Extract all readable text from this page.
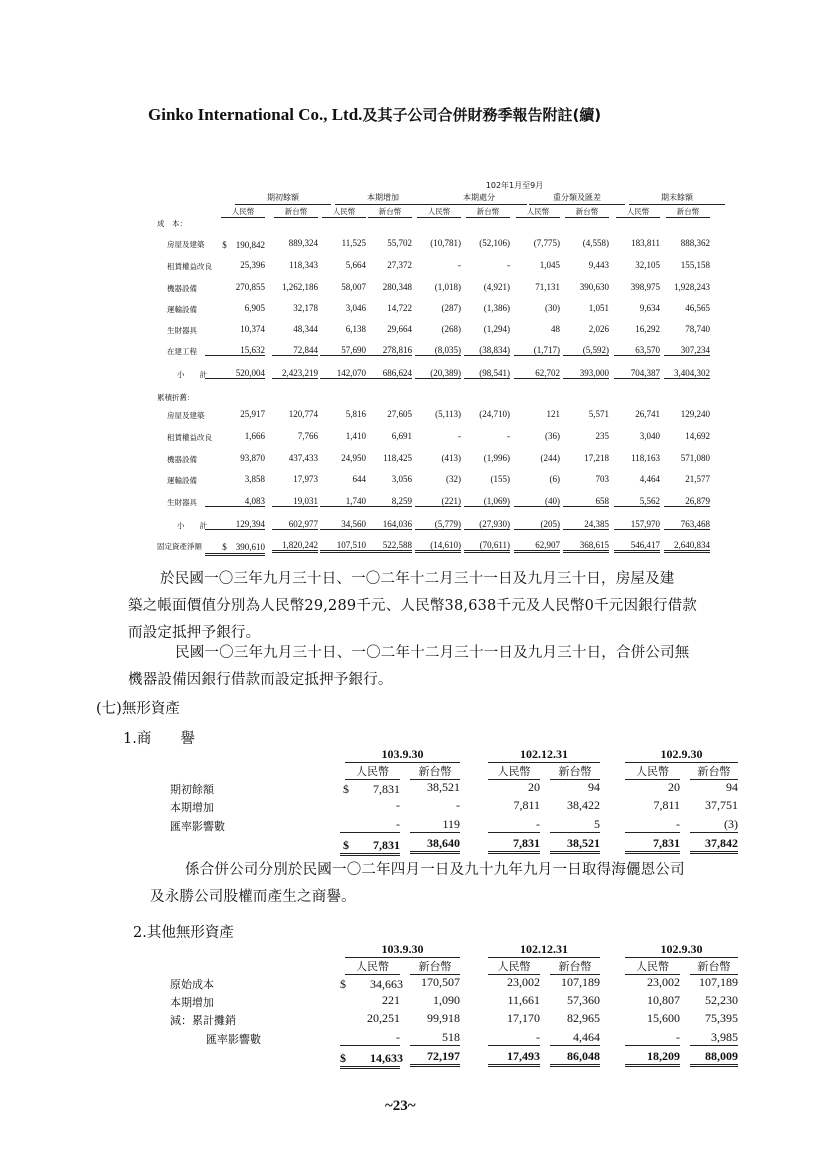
Ginko International Co., Ltd.及其子公司合併財務季報告附註(續)
102年1月至9月
期初餘額	本期增加	本期處分	重分類及匯差	期末餘額
人民幣	新台幣	人民幣	新台幣	人民幣	新台幣	人民幣	新台幣	人民幣	新台幣
成　本：
累積折舊：
房屋及建築	$　190,842	889,324	11,525	55,702	(10,781)	(52,106)	(7,775)	(4,558)	183,811	888,362
租賃權益改良	25,396	118,343	5,664	27,372	-	-	1,045	9,443	32,105	155,158
機器設備	270,855	1,262,186	58,007	280,348	(1,018)	(4,921)	71,131	390,630	398,975	1,928,243
運輸設備	6,905	32,178	3,046	14,722	(287)	(1,386)	(30)	1,051	9,634	46,565
生財器具	10,374	48,344	6,138	29,664	(268)	(1,294)	48	2,026	16,292	78,740
在建工程	15,632	72,844	57,690	278,816	(8,035)	(38,834)	(1,717)	(5,592)	63,570	307,234
小　　計	520,004	2,423,219	142,070	686,624	(20,389)	(98,541)	62,702	393,000	704,387	3,404,302
房屋及建築	25,917	120,774	5,816	27,605	(5,113)	(24,710)	121	5,571	26,741	129,240
租賃權益改良	1,666	7,766	1,410	6,691	-	-	(36)	235	3,040	14,692
機器設備	93,870	437,433	24,950	118,425	(413)	(1,996)	(244)	17,218	118,163	571,080
運輸設備	3,858	17,973	644	3,056	(32)	(155)	(6)	703	4,464	21,577
生財器具	4,083	19,031	1,740	8,259	(221)	(1,069)	(40)	658	5,562	26,879
小　　計	129,394	602,977	34,560	164,036	(5,779)	(27,930)	(205)	24,385	157,970	763,468
固定資產淨額	$　390,610	1,820,242	107,510	522,588	(14,610)	(70,611)	62,907	368,615	546,417	2,640,834
於民國一〇三年九月三十日、一〇二年十二月三十一日及九月三十日，房屋及建
築之帳面價值分別為人民幣29,289千元、人民幣38,638千元及人民幣0千元因銀行借款
而設定抵押予銀行。
民國一〇三年九月三十日、一〇二年十二月三十一日及九月三十日，合併公司無
機器設備因銀行借款而設定抵押予銀行。
(七)無形資產
1.商　　譽
103.9.30	102.12.31	102.9.30
人民幣	新台幣	人民幣	新台幣	人民幣	新台幣
期初餘額	$　　7,831	38,521	20	94	20	94
本期增加	-	-	7,811	38,422	7,811	37,751
匯率影響數	-	119	-	5	-	(3)
$　　7,831	38,640	7,831	38,521	7,831	37,842
係合併公司分別於民國一〇二年四月一日及九十九年九月一日取得海儷恩公司
及永勝公司股權而產生之商譽。
2.其他無形資產
103.9.30	102.12.31	102.9.30
人民幣	新台幣	人民幣	新台幣	人民幣	新台幣
原始成本	$　　34,663	170,507	23,002	107,189	23,002	107,189
本期增加	221	1,090	11,661	57,360	10,807	52,230
減：累計攤銷	20,251	99,918	17,170	82,965	15,600	75,395
匯率影響數	-	518	-	4,464	-	3,985
$　　14,633	72,197	17,493	86,048	18,209	88,009
~23~
